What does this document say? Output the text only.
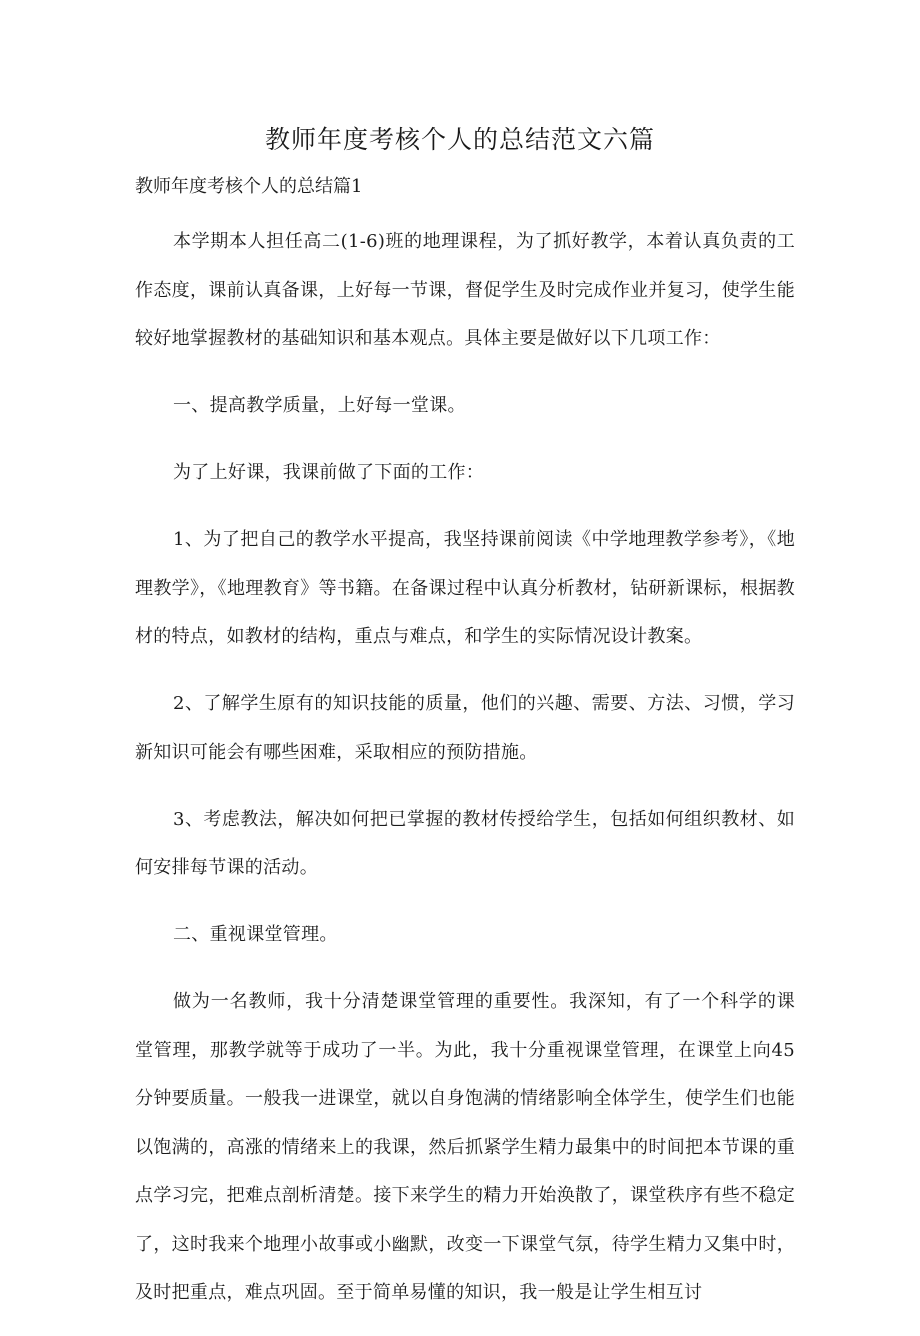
教师年度考核个人的总结范文六篇
教师年度考核个人的总结篇1

本学期本人担任高二(1-6)班的地理课程，为了抓好教学，本着认真负责的工作态度，课前认真备课，上好每一节课，督促学生及时完成作业并复习，使学生能较好地掌握教材的基础知识和基本观点。具体主要是做好以下几项工作：

一、提高教学质量，上好每一堂课。

为了上好课，我课前做了下面的工作：

1、为了把自己的教学水平提高，我坚持课前阅读《中学地理教学参考》，《地理教学》，《地理教育》等书籍。在备课过程中认真分析教材，钻研新课标，根据教材的特点，如教材的结构，重点与难点，和学生的实际情况设计教案。

2、了解学生原有的知识技能的质量，他们的兴趣、需要、方法、习惯，学习新知识可能会有哪些困难，采取相应的预防措施。

3、考虑教法，解决如何把已掌握的教材传授给学生，包括如何组织教材、如何安排每节课的活动。

二、重视课堂管理。

做为一名教师，我十分清楚课堂管理的重要性。我深知，有了一个科学的课堂管理，那教学就等于成功了一半。为此，我十分重视课堂管理，在课堂上向45分钟要质量。一般我一进课堂，就以自身饱满的情绪影响全体学生，使学生们也能以饱满的，高涨的情绪来上的我课，然后抓紧学生精力最集中的时间把本节课的重点学习完，把难点剖析清楚。接下来学生的精力开始涣散了，课堂秩序有些不稳定了，这时我来个地理小故事或小幽默，改变一下课堂气氛，待学生精力又集中时，及时把重点，难点巩固。至于简单易懂的知识，我一般是让学生相互讨
